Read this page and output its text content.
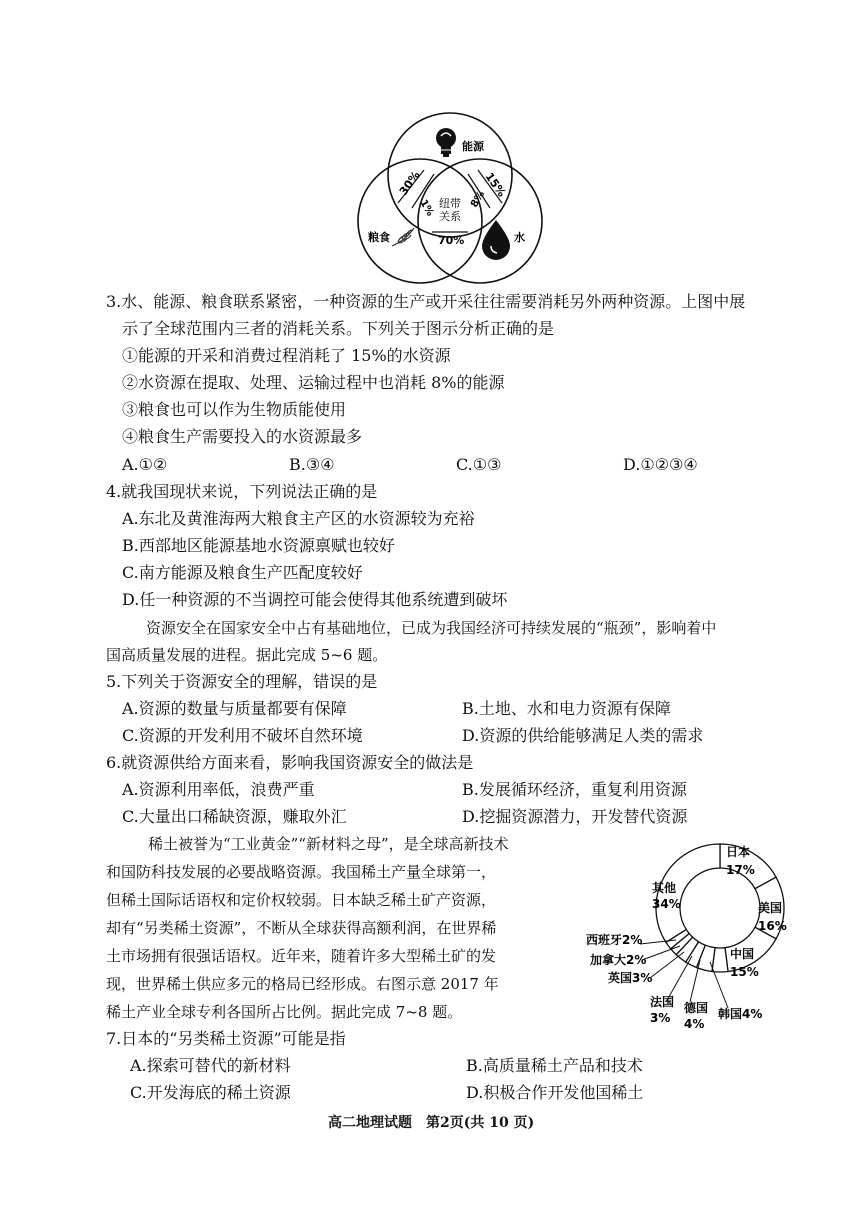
能源
粮食	水
30%
1%
15%
8%
纽带
关系
70%
3.水、能源、粮食联系紧密，一种资源的生产或开采往往需要消耗另外两种资源。上图中展
示了全球范围内三者的消耗关系。下列关于图示分析正确的是
①能源的开采和消费过程消耗了 15%的水资源
②水资源在提取、处理、运输过程中也消耗 8%的能源
③粮食也可以作为生物质能使用
④粮食生产需要投入的水资源最多
A.①②	B.③④	C.①③	D.①②③④
4.就我国现状来说，下列说法正确的是
A.东北及黄淮海两大粮食主产区的水资源较为充裕
B.西部地区能源基地水资源禀赋也较好
C.南方能源及粮食生产匹配度较好
D.任一种资源的不当调控可能会使得其他系统遭到破坏
资源安全在国家安全中占有基础地位，已成为我国经济可持续发展的“瓶颈”，影响着中
国高质量发展的进程。据此完成 5~6 题。
5.下列关于资源安全的理解，错误的是
A.资源的数量与质量都要有保障	B.土地、水和电力资源有保障
C.资源的开发利用不破坏自然环境	D.资源的供给能够满足人类的需求
6.就资源供给方面来看，影响我国资源安全的做法是
A.资源利用率低，浪费严重	B.发展循环经济，重复利用资源
C.大量出口稀缺资源，赚取外汇	D.挖掘资源潜力，开发替代资源
稀土被誉为“工业黄金”“新材料之母”，是全球高新技术
和国防科技发展的必要战略资源。我国稀土产量全球第一，
但稀土国际话语权和定价权较弱。日本缺乏稀土矿产资源，
却有“另类稀土资源”，不断从全球获得高额利润，在世界稀
土市场拥有很强话语权。近年来，随着许多大型稀土矿的发
现，世界稀土供应多元的格局已经形成。右图示意 2017 年
稀土产业全球专利各国所占比例。据此完成 7~8 题。
日本
17%
美国
16%
中国
15%
韩国4%
德国
4%
法国
3%
英国3%
加拿大2%
西班牙2%
其他
34%
7.日本的“另类稀土资源”可能是指
A.探索可替代的新材料	B.高质量稀土产品和技术
C.开发海底的稀土资源	D.积极合作开发他国稀土
高二地理试题　第2页(共 10 页)
